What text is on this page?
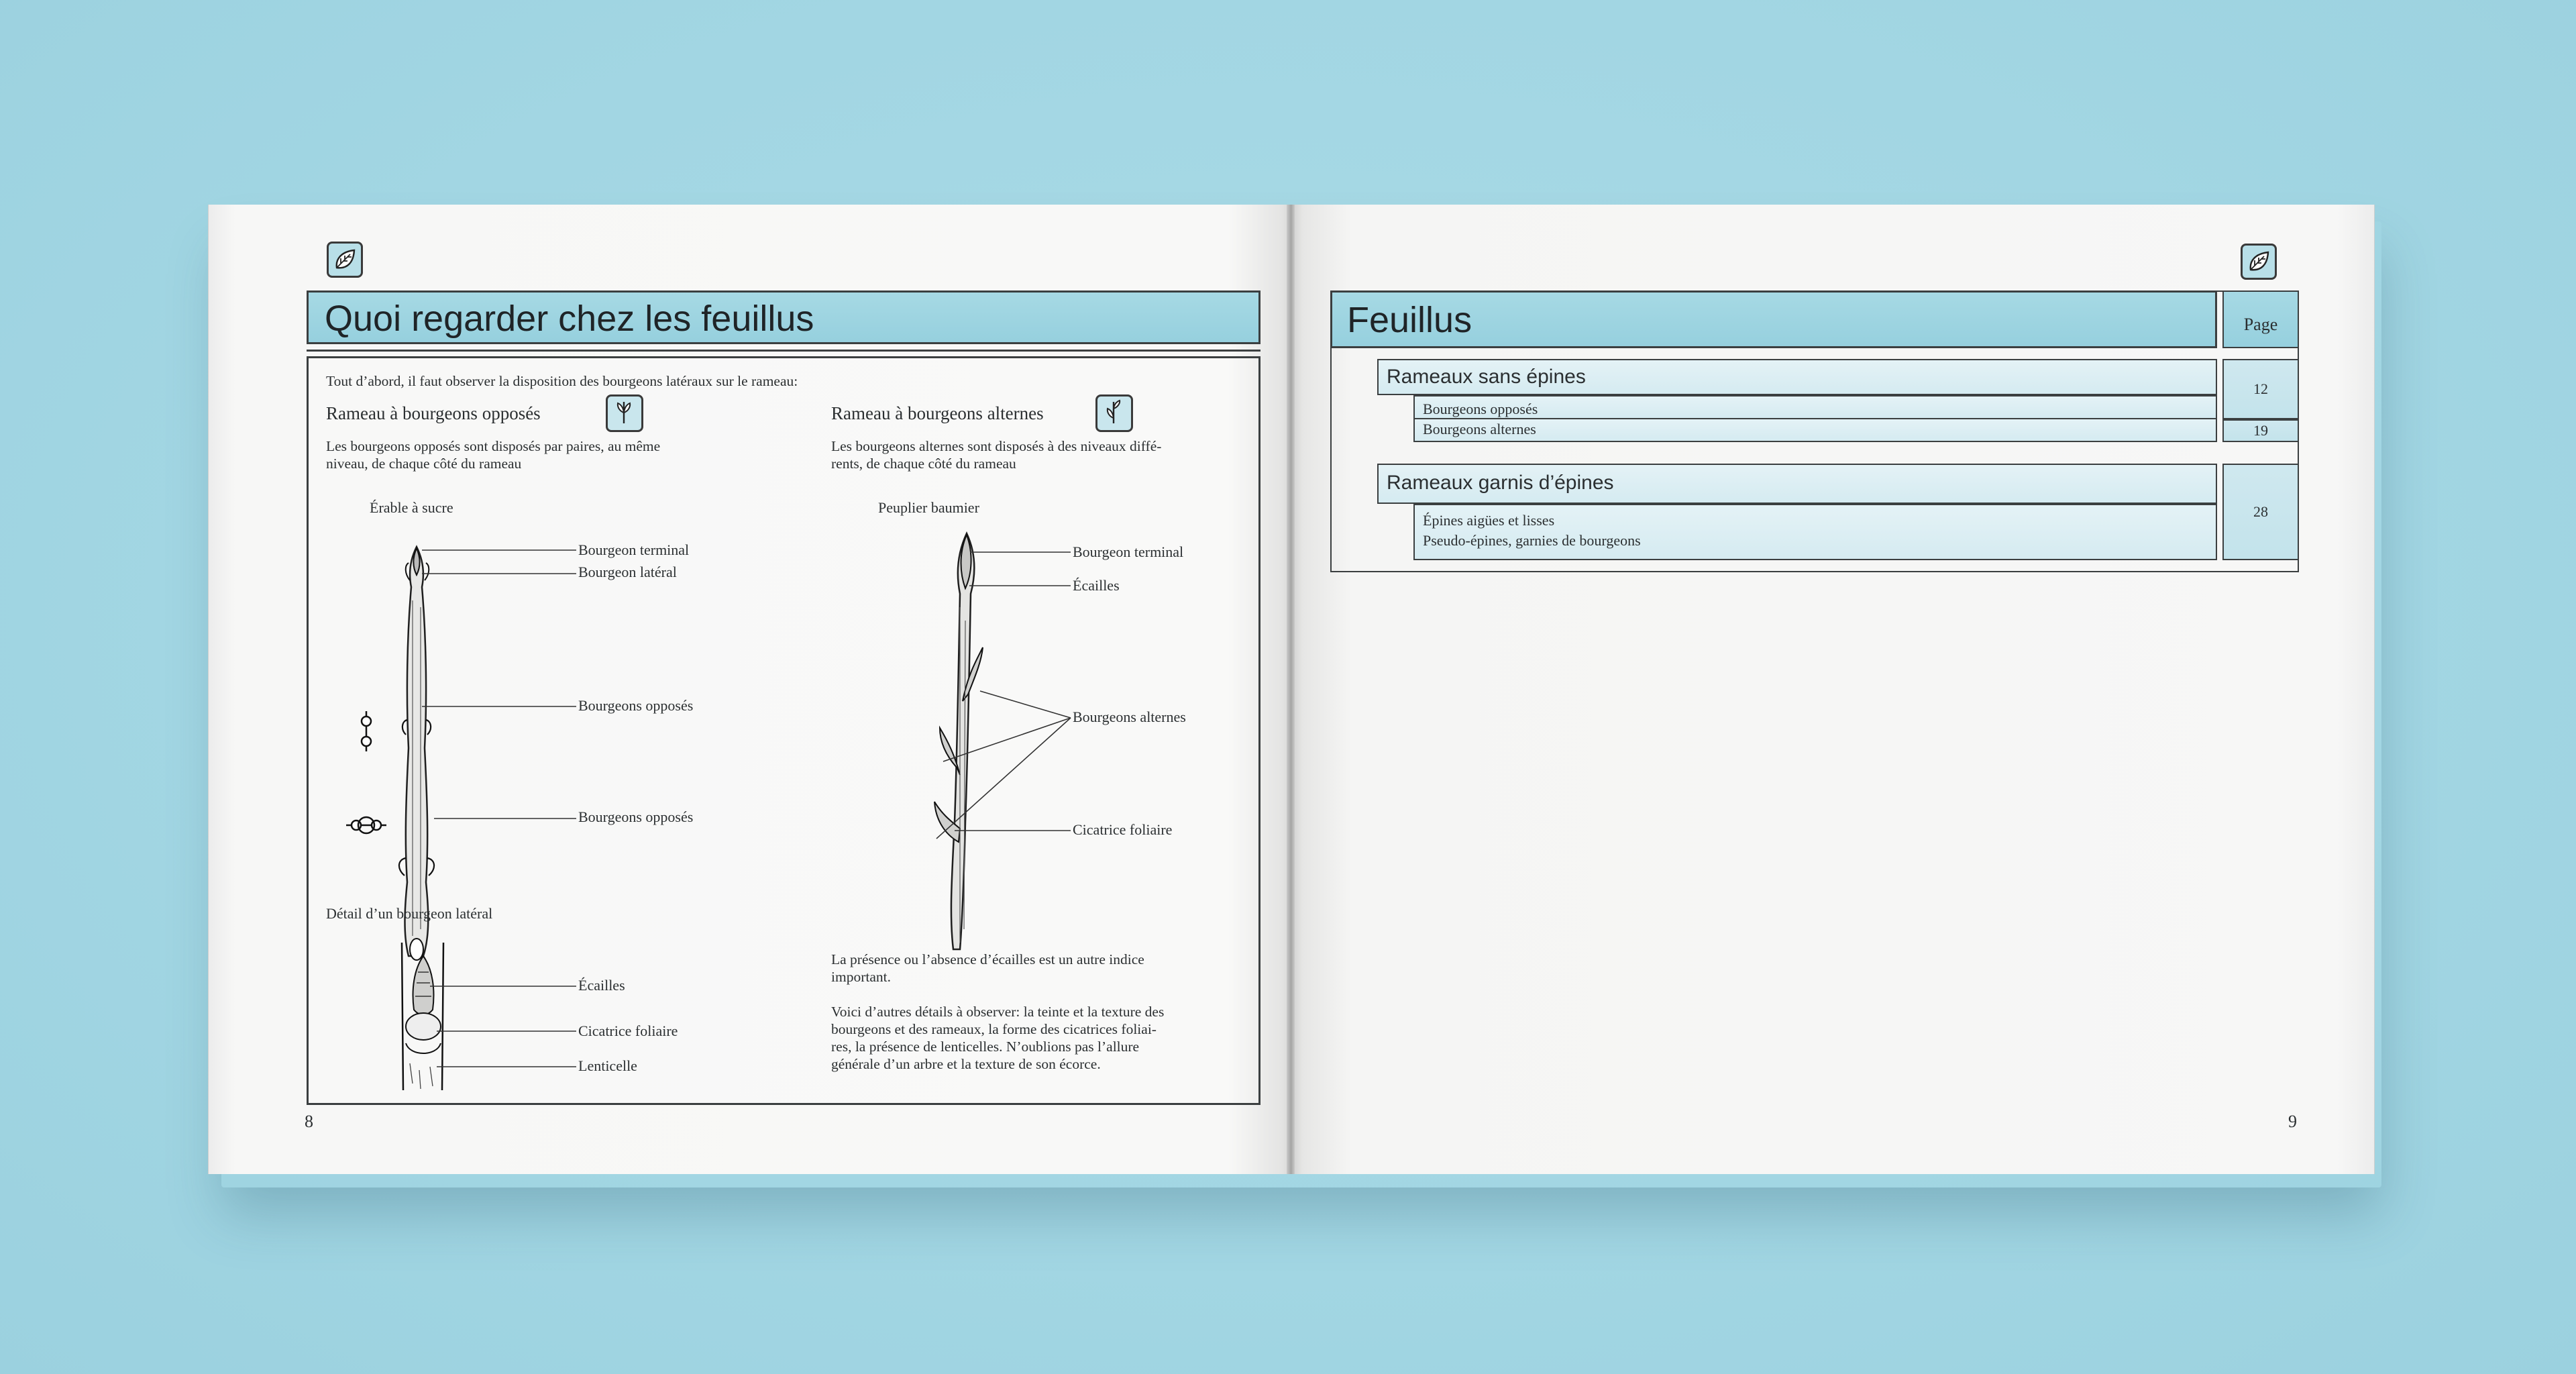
Quoi regarder chez les feuillus
Tout d’abord, il faut observer la disposition des bourgeons latéraux sur le rameau:
Rameau à bourgeons opposés
Les bourgeons opposés sont disposés par paires, au même
niveau, de chaque côté du rameau
Érable à sucre
Bourgeon terminal
Bourgeon latéral
Bourgeons opposés
Bourgeons opposés
Rameau à bourgeons alternes
Les bourgeons alternes sont disposés à des niveaux diffé-
rents, de chaque côté du rameau
Peuplier baumier
Bourgeon terminal
Écailles
Bourgeons alternes
Cicatrice foliaire
Détail d’un bourgeon latéral
Écailles
Cicatrice foliaire
Lenticelle
La présence ou l’absence d’écailles est un autre indice
important.
Voici d’autres détails à observer: la teinte et la texture des
bourgeons et des rameaux, la forme des cicatrices foliai-
res, la présence de lenticelles. N’oublions pas l’allure
générale d’un arbre et la texture de son écorce.
8
Feuillus	Page
Rameaux sans épines
Bourgeons opposés
Bourgeons alternes
12
19
Rameaux garnis d’épines
Épines aigües et lisses
Pseudo-épines, garnies de bourgeons
28
9
